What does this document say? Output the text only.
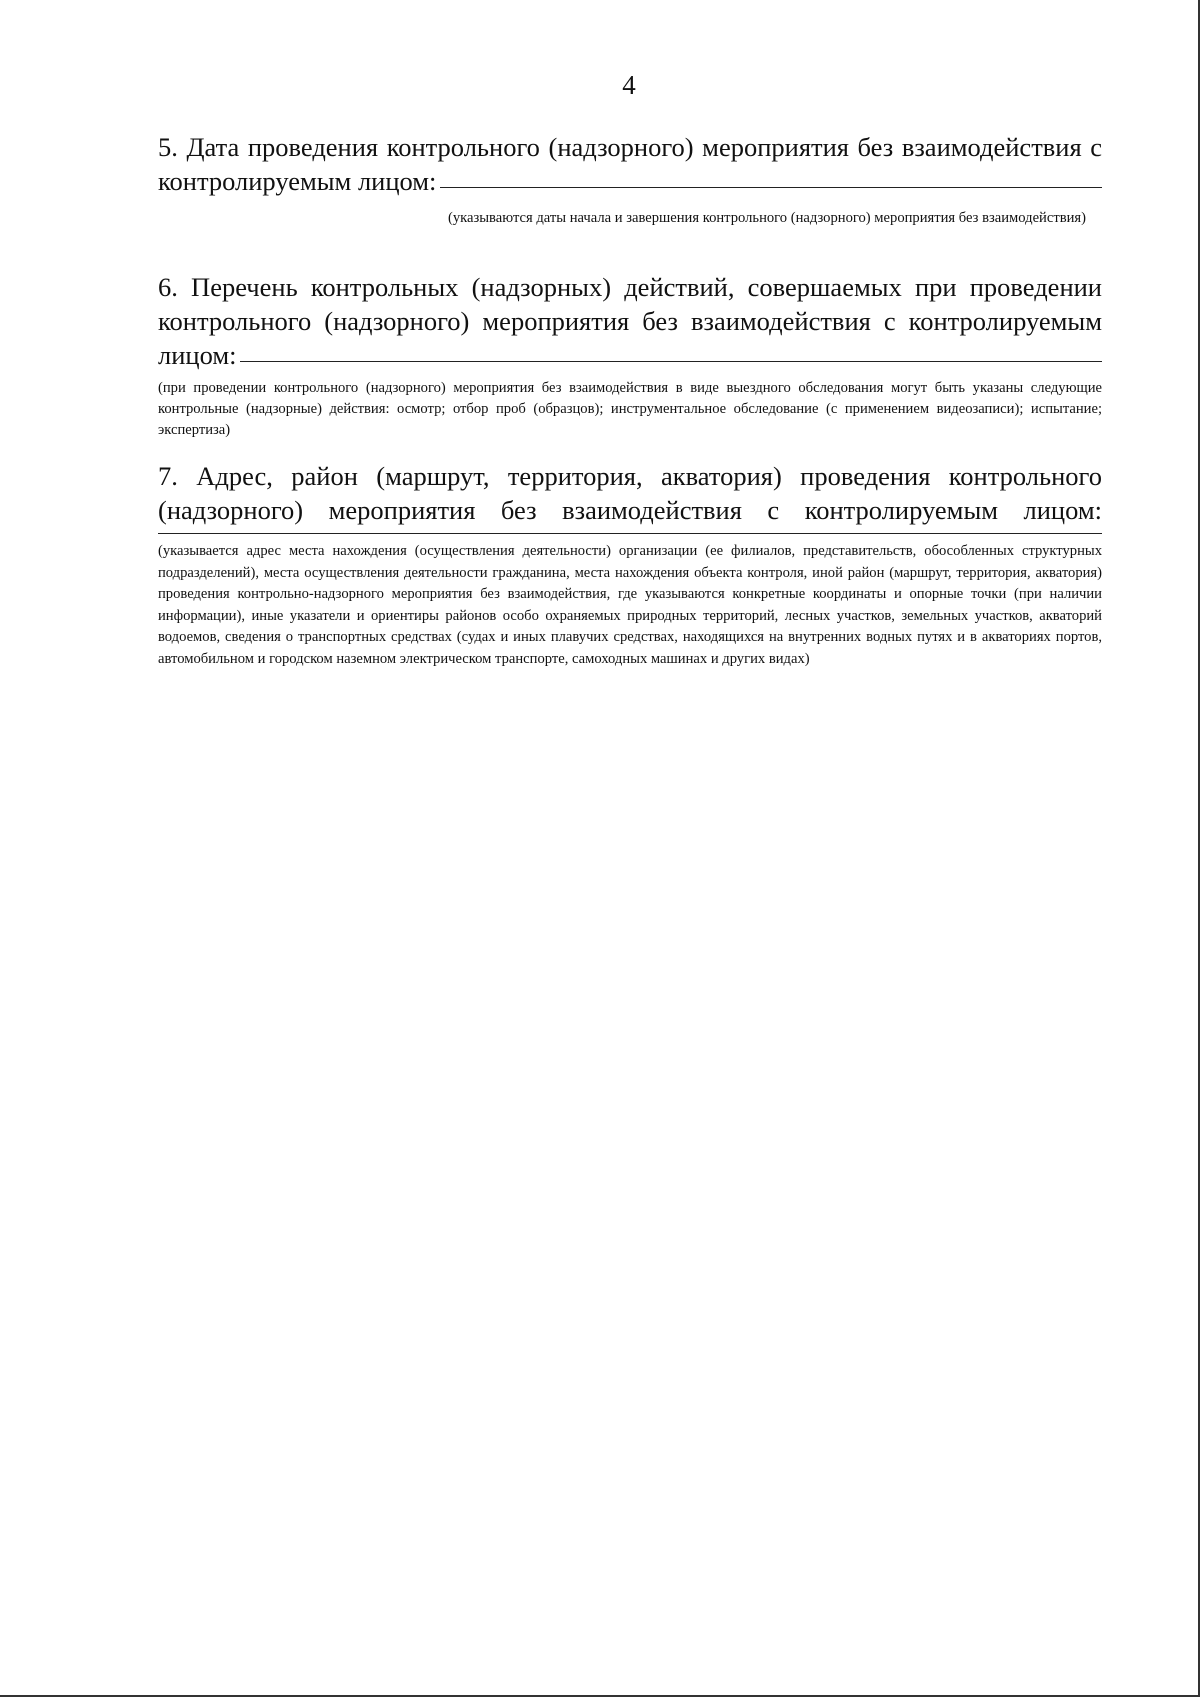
4
5. Дата проведения контрольного (надзорного) мероприятия без взаимодействия с
контролируемым лицом:
(указываются даты начала и завершения контрольного (надзорного) мероприятия без взаимодействия)
6. Перечень контрольных (надзорных) действий, совершаемых при проведении контрольного (надзорного) мероприятия без взаимодействия с контролируемым
лицом:
(при проведении контрольного (надзорного) мероприятия без взаимодействия в виде выездного обследования могут быть указаны следующие контрольные (надзорные) действия: осмотр; отбор проб (образцов); инструментальное обследование (с применением видеозаписи); испытание; экспертиза)
7. Адрес, район (маршрут, территория, акватория) проведения контрольного (надзорного) мероприятия без взаимодействия с контролируемым лицом:
(указывается адрес места нахождения (осуществления деятельности) организации (ее филиалов, представительств, обособленных структурных подразделений), места осуществления деятельности гражданина, места нахождения объекта контроля, иной район (маршрут, территория, акватория) проведения контрольно-надзорного мероприятия без взаимодействия, где указываются конкретные координаты и опорные точки (при наличии информации), иные указатели и ориентиры районов особо охраняемых природных территорий, лесных участков, земельных участков, акваторий водоемов, сведения о транспортных средствах (судах и иных плавучих средствах, находящихся на внутренних водных путях и в акваториях портов, автомобильном и городском наземном электрическом транспорте, самоходных машинах и других видах)
